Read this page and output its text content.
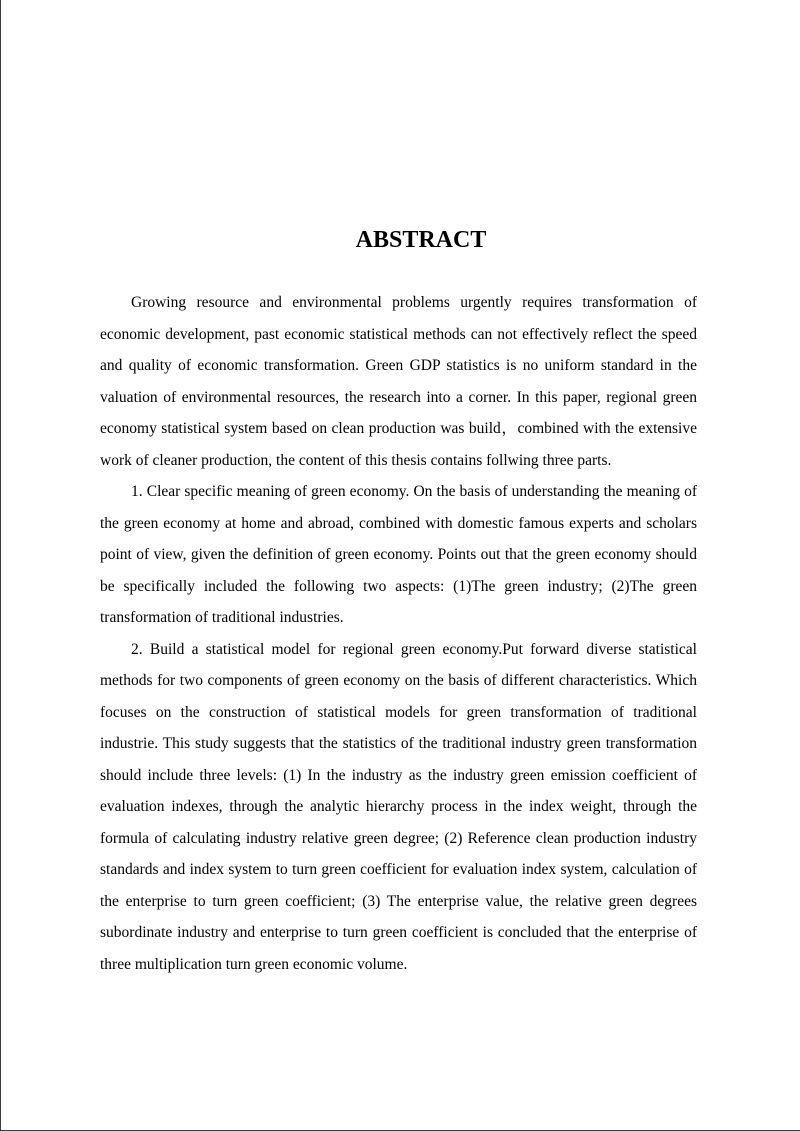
ABSTRACT

Growing resource and environmental problems urgently requires transformation of economic development, past economic statistical methods can not effectively reflect the speed and quality of economic transformation. Green GDP statistics is no uniform standard in the valuation of environmental resources, the research into a corner. In this paper, regional green economy statistical system based on clean production was build，combined with the extensive work of cleaner production, the content of this thesis contains follwing three parts.

1. Clear specific meaning of green economy. On the basis of understanding the meaning of the green economy at home and abroad, combined with domestic famous experts and scholars point of view, given the definition of green economy. Points out that the green economy should be specifically included the following two aspects: (1)The green industry; (2)The green transformation of traditional industries.

2. Build a statistical model for regional green economy.Put forward diverse statistical methods for two components of green economy on the basis of different characteristics. Which focuses on the construction of statistical models for green transformation of traditional industrie. This study suggests that the statistics of the traditional industry green transformation should include three levels: (1) In the industry as the industry green emission coefficient of evaluation indexes, through the analytic hierarchy process in the index weight, through the formula of calculating industry relative green degree; (2) Reference clean production industry standards and index system to turn green coefficient for evaluation index system, calculation of the enterprise to turn green coefficient; (3) The enterprise value, the relative green degrees subordinate industry and enterprise to turn green coefficient is concluded that the enterprise of three multiplication turn green economic volume.
